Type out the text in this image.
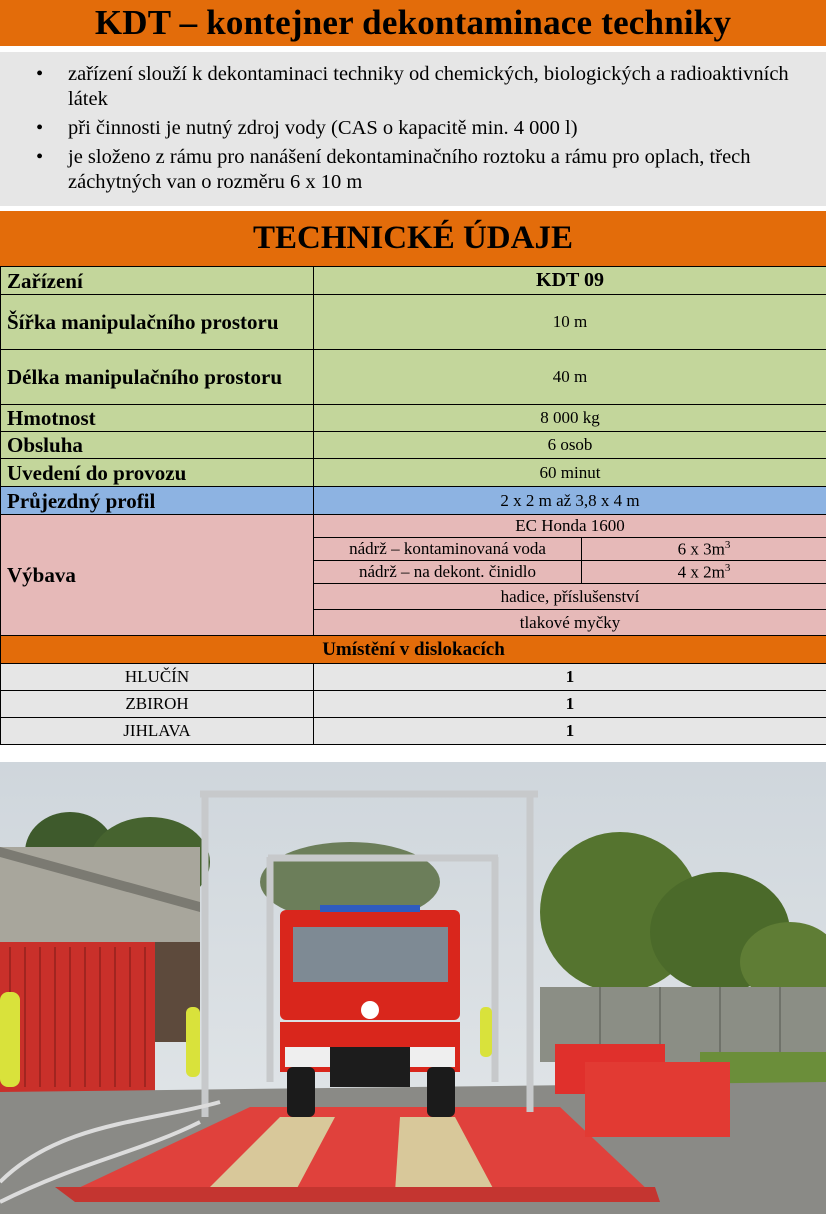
KDT – kontejner dekontaminace techniky
• zařízení slouží k dekontaminaci techniky od chemických, biologických a radioaktivních látek
• při činnosti je nutný zdroj vody (CAS o kapacitě min. 4 000 l)
• je složeno z rámu pro nanášení dekontaminačního roztoku a rámu pro oplach, třech záchytných van o rozměru 6 x 10 m
TECHNICKÉ ÚDAJE
Zařízení	KDT 09	
Šířka manipulačního prostoru	10 m	
Délka manipulačního prostoru	40 m	
Hmotnost	8 000 kg	
Obsluha	6 osob	
Uvedení do provozu	60 minut	
Průjezdný profil	2 x 2 m až 3,8 x 4 m	
Výbava	EC Honda 1600	
	nádrž – kontaminovaná voda	6 x $3m^3$
	nádrž – na dekont. činidlo	4 x $2m^3$
	hadice, příslušenství	
	tlakové myčky	
Umístění v dislokacích		
HLUČÍN	1	
ZBIROH	1	
JIHLAVA	1	
